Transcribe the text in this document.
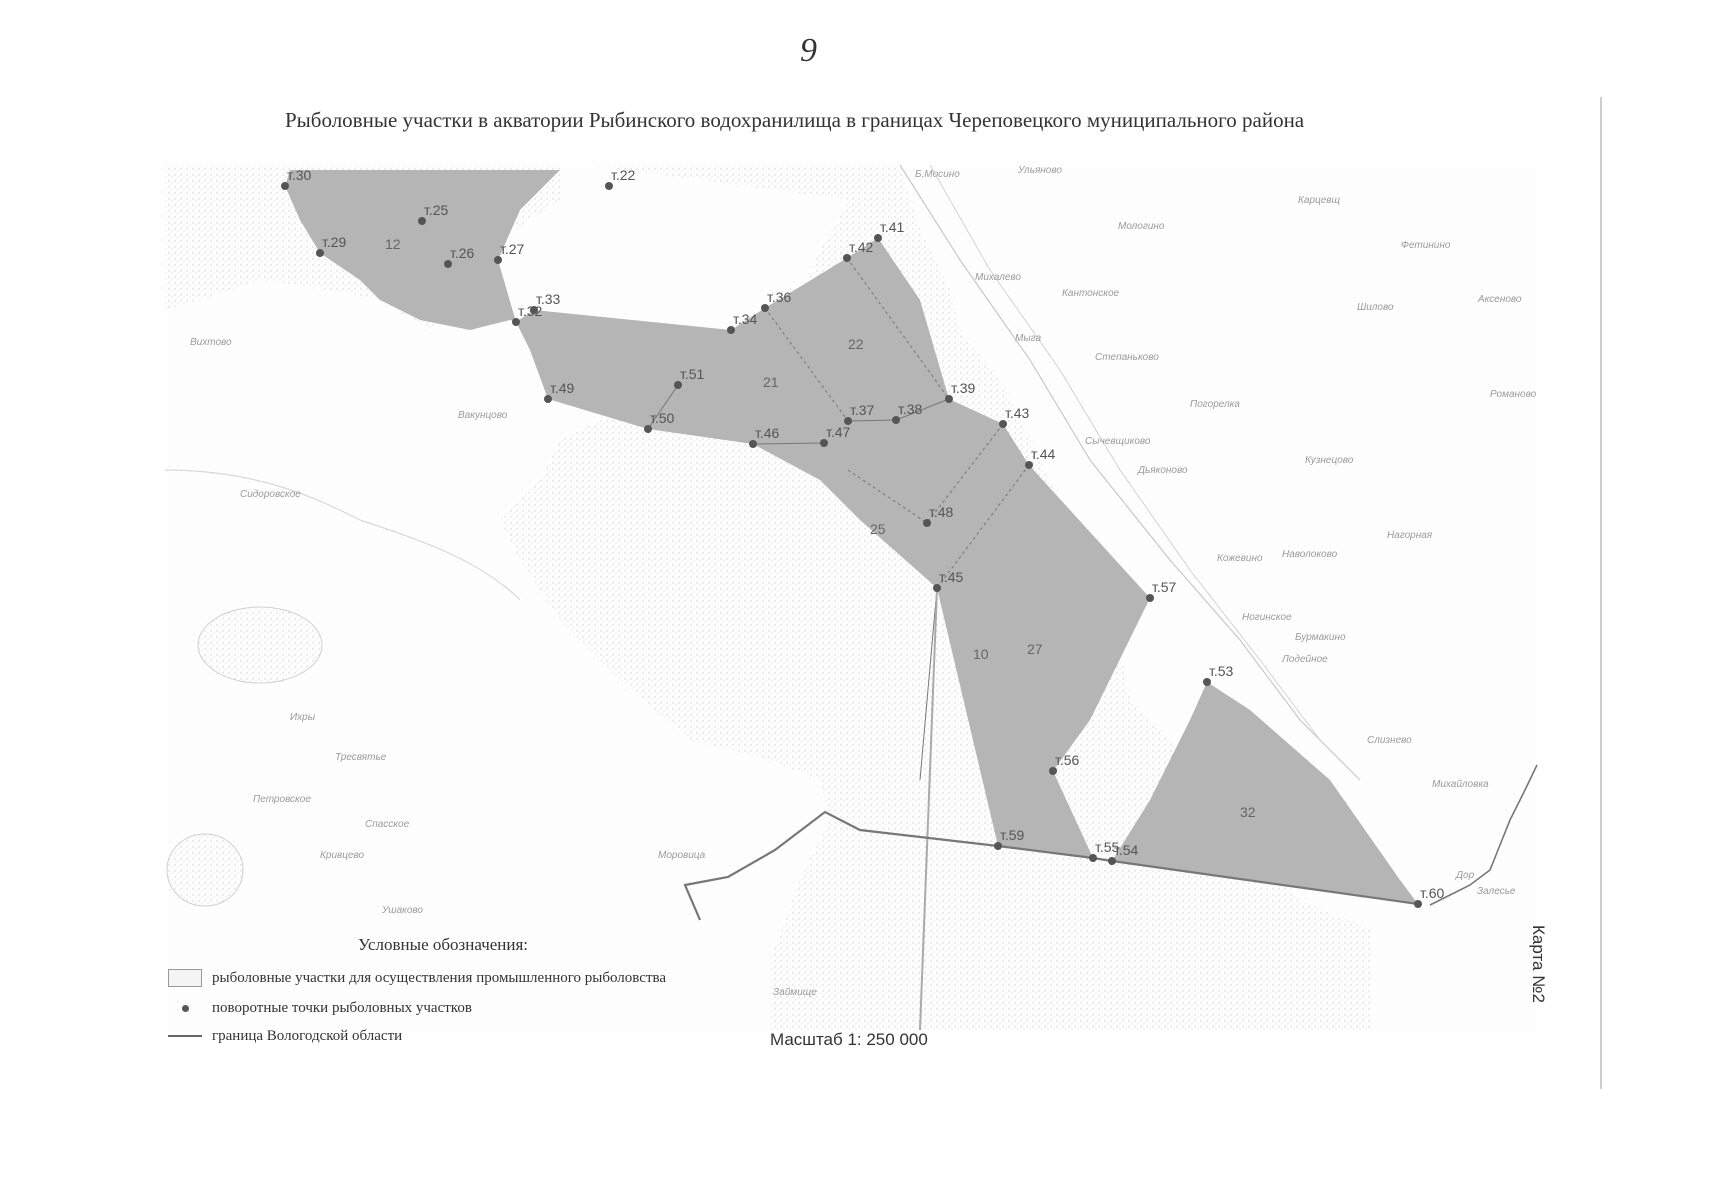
9
Рыболовные участки в акватории Рыбинского водохранилища в границах Череповецкого муниципального района
Б.Мосино	Ульяново
Карцевщ
Мологино
Фетинино
Михалево
Кантонское
Шилово
Аксеново
Вихтово	Мыга
Степаньково
Погорелка
Романово
Сычевщиково
Дьяконово
Кузнецово
Вакунцово
Сидоровское
Кожевино Наволоково
Нагорная
Ногинское
Бурмакино
Лодейное
Слизнево
Михайловка
Ихры
Тресвятье
Петровское
Спасское
Кривцево	Моровица
Ушаково
Дор
Залесье
Займище
12
22
21
25
10	27
32
т.30	т.22
т.25
т.29
т.26 т.27
т.41
т.42
т.33
т.32
т.36
т.34
т.51
т.49	т.39
т.37 т.38
т.50	т.43
т.46	т.47
т.44
т.48
т.45
т.57
т.53
т.56
т.59
т.55
т.54
т.60
Условные обозначения:
рыболовные участки для осуществления промышленного рыболовства
поворотные точки рыболовных участков
граница Вологодской области	Масштаб 1: 250 000
Карта №2
